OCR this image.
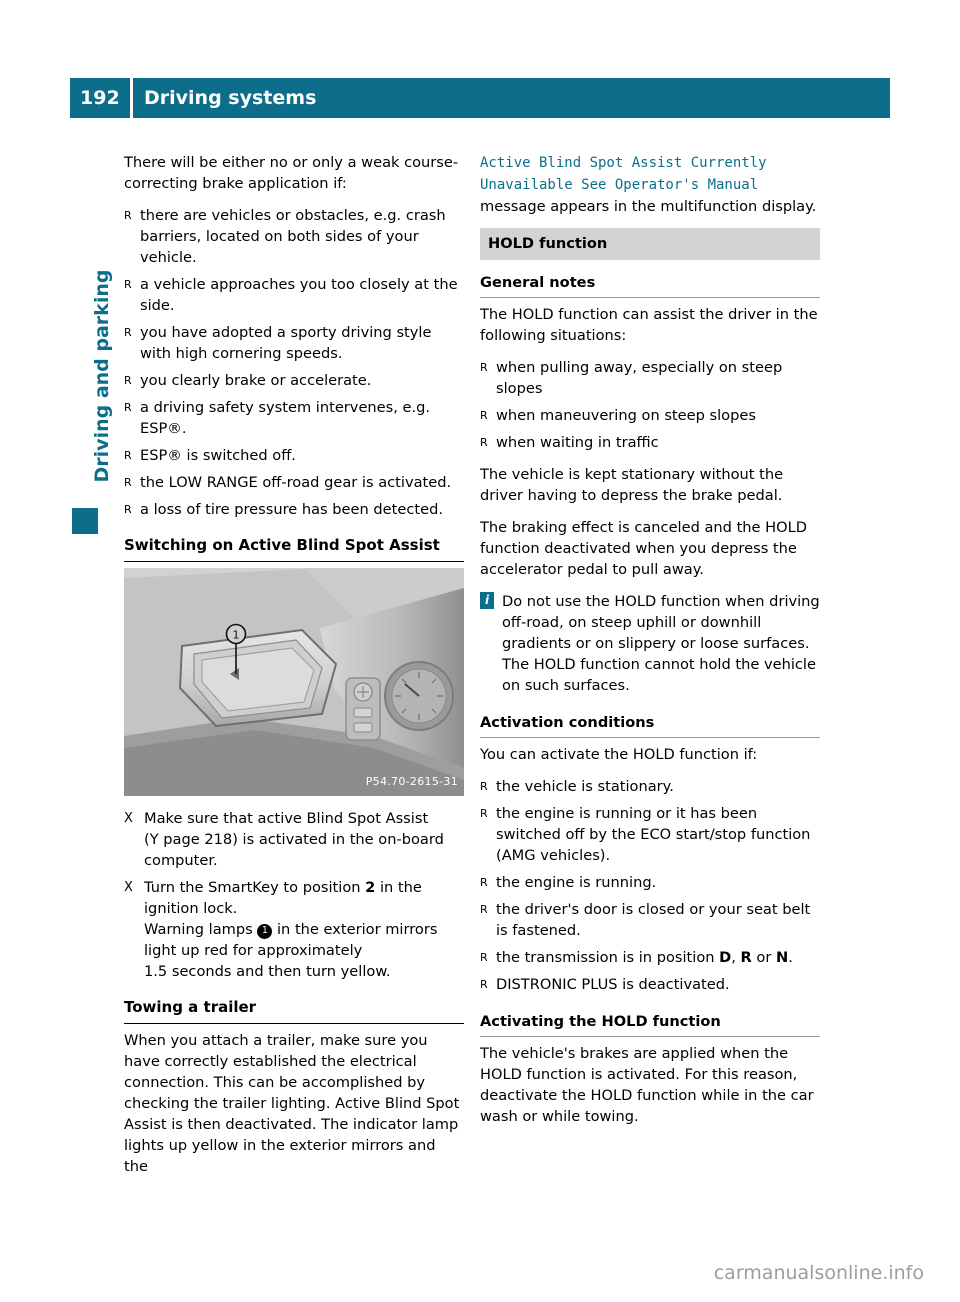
192	Driving systems
Driving and parking

There will be either no or only a weak course-correcting brake application if:

R there are vehicles or obstacles, e.g. crash barriers, located on both sides of your vehicle.
R a vehicle approaches you too closely at the side.
R you have adopted a sporty driving style with high cornering speeds.
R you clearly brake or accelerate.
R a driving safety system intervenes, e.g. ESP®.
R ESP® is switched off.
R the LOW RANGE off-road gear is activated.
R a loss of tire pressure has been detected.
Switching on Active Blind Spot Assist
1
P54.70-2615-31
X Make sure that active Blind Spot Assist
(Y page 218) is activated in the on-board
computer.
X Turn the SmartKey to position 2 in the
ignition lock.
Warning lamps 1 in the exterior mirrors
light up red for approximately
1.5 seconds and then turn yellow.
Towing a trailer

When you attach a trailer, make sure you have correctly established the electrical connection. This can be accomplished by checking the trailer lighting. Active Blind Spot Assist is then deactivated. The indicator lamp lights up yellow in the exterior mirrors and the

Active Blind Spot Assist Currently
Unavailable See Operator's Manual
message appears in the multifunction display.

HOLD function
General notes

The HOLD function can assist the driver in the following situations:

R when pulling away, especially on steep slopes
R when maneuvering on steep slopes
R when waiting in traffic

The vehicle is kept stationary without the driver having to depress the brake pedal.

The braking effect is canceled and the HOLD function deactivated when you depress the accelerator pedal to pull away.

i Do not use the HOLD function when driving off-road, on steep uphill or downhill gradients or on slippery or loose surfaces. The HOLD function cannot hold the vehicle on such surfaces.
Activation conditions

You can activate the HOLD function if:

R the vehicle is stationary.
R the engine is running or it has been switched off by the ECO start/stop function (AMG vehicles).
R the engine is running.
R the driver's door is closed or your seat belt is fastened.
R the transmission is in position D, R or N.
R DISTRONIC PLUS is deactivated.
Activating the HOLD function

The vehicle's brakes are applied when the HOLD function is activated. For this reason, deactivate the HOLD function while in the car wash or while towing.

carmanualsonline.info
